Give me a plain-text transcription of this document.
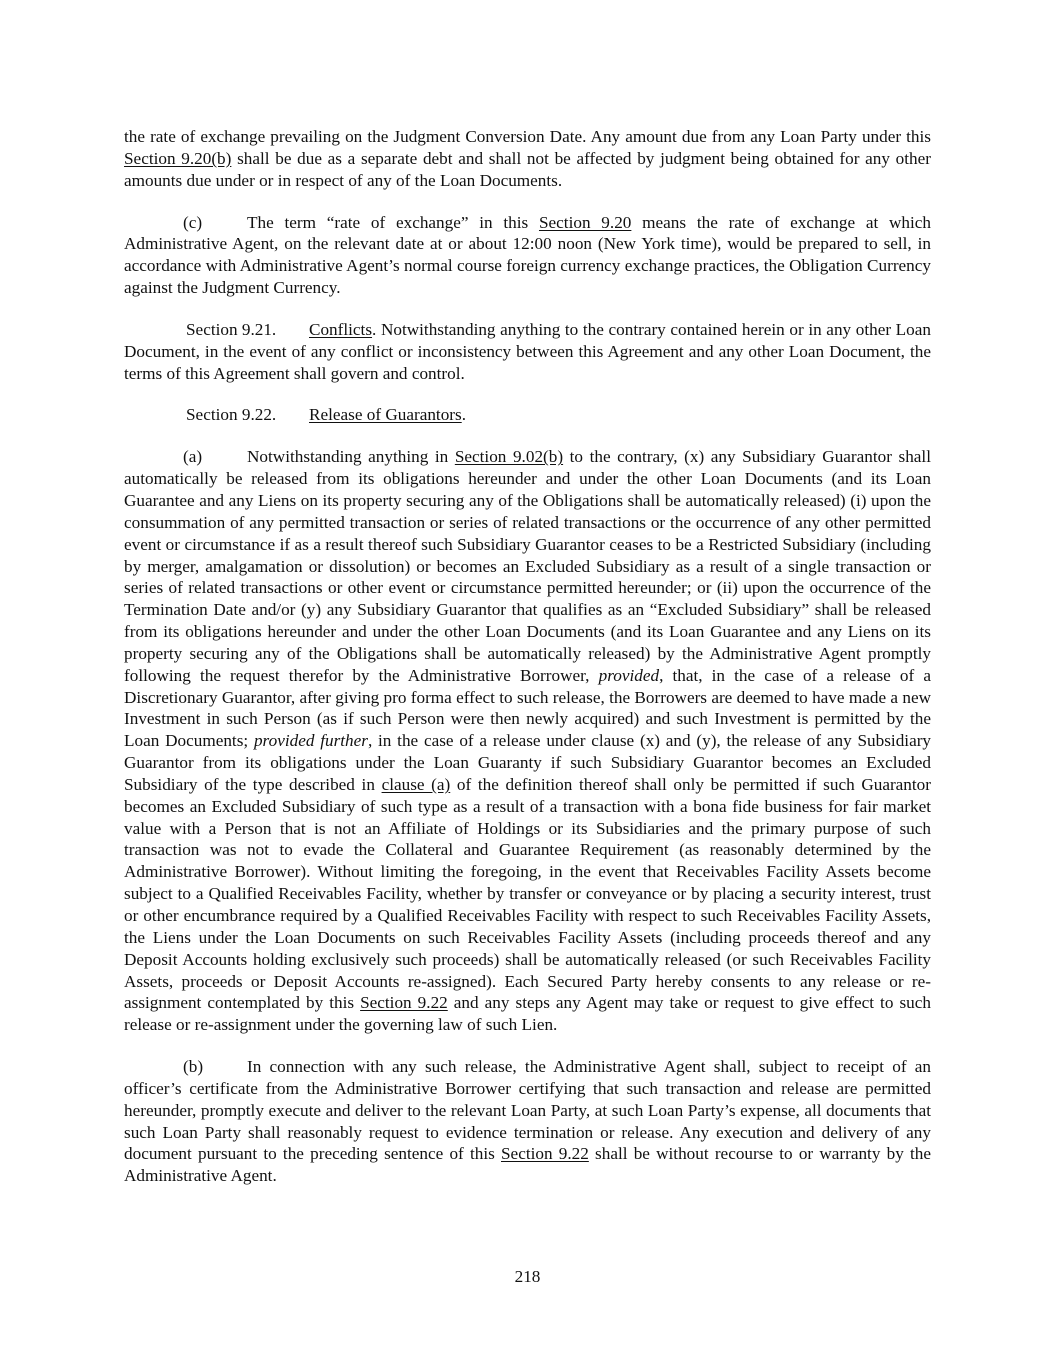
the rate of exchange prevailing on the Judgment Conversion Date. Any amount due from any Loan Party under this Section 9.20(b) shall be due as a separate debt and shall not be affected by judgment being obtained for any other amounts due under or in respect of any of the Loan Documents.

(c)	The term “rate of exchange” in this Section 9.20 means the rate of exchange at which Administrative Agent, on the relevant date at or about 12:00 noon (New York time), would be prepared to sell, in accordance with Administrative Agent’s normal course foreign currency exchange practices, the Obligation Currency against the Judgment Currency.

Section 9.21. Conflicts. Notwithstanding anything to the contrary contained herein or in any other Loan Document, in the event of any conflict or inconsistency between this Agreement and any other Loan Document, the terms of this Agreement shall govern and control.

Section 9.22. Release of Guarantors.

(a)	Notwithstanding anything in Section 9.02(b) to the contrary, (x) any Subsidiary Guarantor shall automatically be released from its obligations hereunder and under the other Loan Documents (and its Loan Guarantee and any Liens on its property securing any of the Obligations shall be automatically released) (i) upon the consummation of any permitted transaction or series of related transactions or the occurrence of any other permitted event or circumstance if as a result thereof such Subsidiary Guarantor ceases to be a Restricted Subsidiary (including by merger, amalgamation or dissolution) or becomes an Excluded Subsidiary as a result of a single transaction or series of related transactions or other event or circumstance permitted hereunder; or (ii) upon the occurrence of the Termination Date and/or (y) any Subsidiary Guarantor that qualifies as an “Excluded Subsidiary” shall be released from its obligations hereunder and under the other Loan Documents (and its Loan Guarantee and any Liens on its property securing any of the Obligations shall be automatically released) by the Administrative Agent promptly following the request therefor by the Administrative Borrower, provided, that, in the case of a release of a Discretionary Guarantor, after giving pro forma effect to such release, the Borrowers are deemed to have made a new Investment in such Person (as if such Person were then newly acquired) and such Investment is permitted by the Loan Documents; provided further, in the case of a release under clause (x) and (y), the release of any Subsidiary Guarantor from its obligations under the Loan Guaranty if such Subsidiary Guarantor becomes an Excluded Subsidiary of the type described in clause (a) of the definition thereof shall only be permitted if such Guarantor becomes an Excluded Subsidiary of such type as a result of a transaction with a bona fide business for fair market value with a Person that is not an Affiliate of Holdings or its Subsidiaries and the primary purpose of such transaction was not to evade the Collateral and Guarantee Requirement (as reasonably determined by the Administrative Borrower). Without limiting the foregoing, in the event that Receivables Facility Assets become subject to a Qualified Receivables Facility, whether by transfer or conveyance or by placing a security interest, trust or other encumbrance required by a Qualified Receivables Facility with respect to such Receivables Facility Assets, the Liens under the Loan Documents on such Receivables Facility Assets (including proceeds thereof and any Deposit Accounts holding exclusively such proceeds) shall be automatically released (or such Receivables Facility Assets, proceeds or Deposit Accounts re-assigned). Each Secured Party hereby consents to any release or re-assignment contemplated by this Section 9.22 and any steps any Agent may take or request to give effect to such release or re-assignment under the governing law of such Lien.

(b)	In connection with any such release, the Administrative Agent shall, subject to receipt of an officer’s certificate from the Administrative Borrower certifying that such transaction and release are permitted hereunder, promptly execute and deliver to the relevant Loan Party, at such Loan Party’s expense, all documents that such Loan Party shall reasonably request to evidence termination or release. Any execution and delivery of any document pursuant to the preceding sentence of this Section 9.22 shall be without recourse to or warranty by the Administrative Agent.

218
